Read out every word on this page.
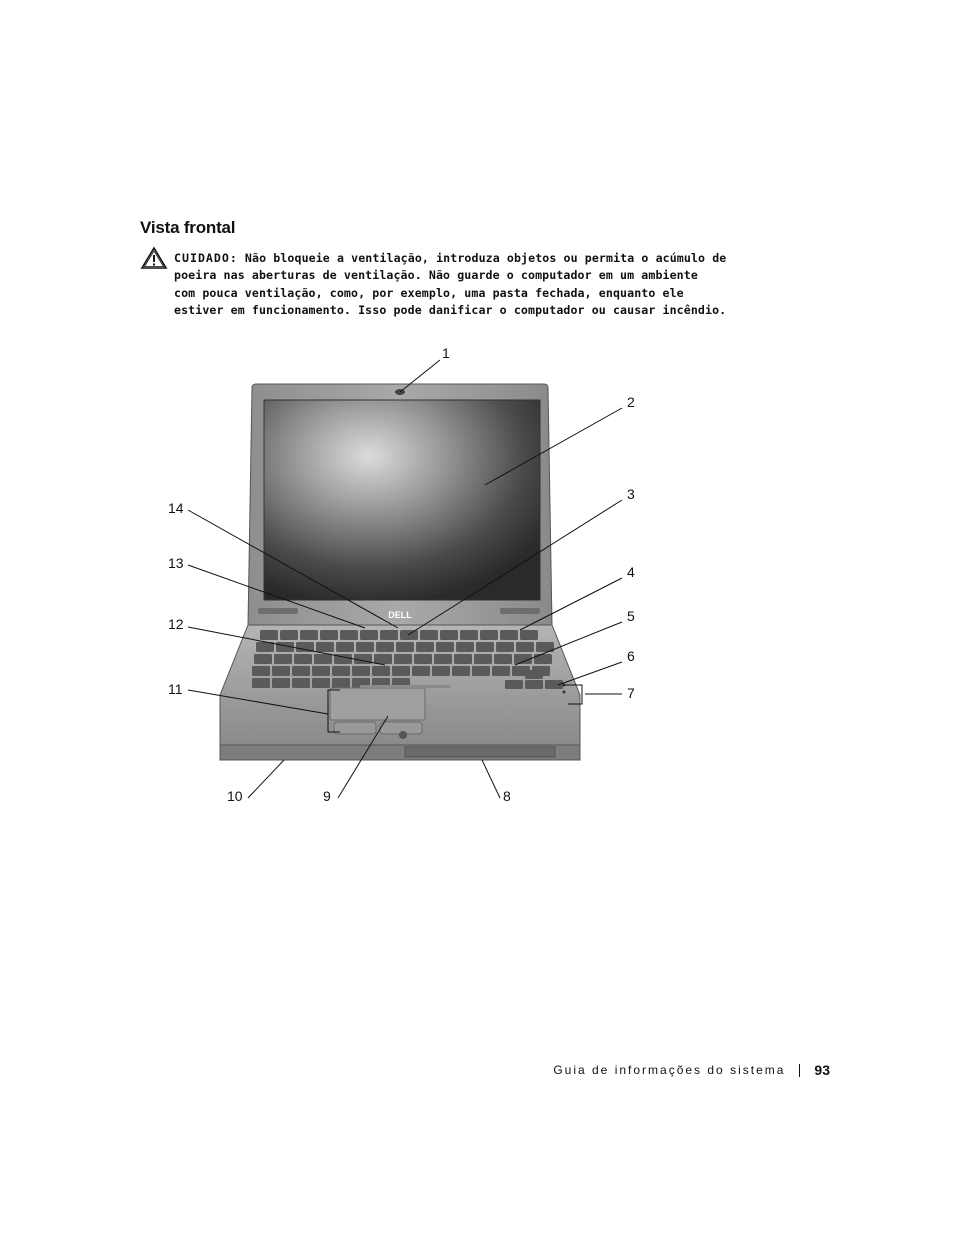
Vista frontal
CUIDADO: Não bloqueie a ventilação, introduza objetos ou permita o acúmulo de
poeira nas aberturas de ventilação. Não guarde o computador em um ambiente
com pouca ventilação, como, por exemplo, uma pasta fechada, enquanto ele
estiver em funcionamento. Isso pode danificar o computador ou causar incêndio.
DELL
1
2
3
4
5
6
7
8
9
10
11
12
13
14
Guia de informações do sistema 93
